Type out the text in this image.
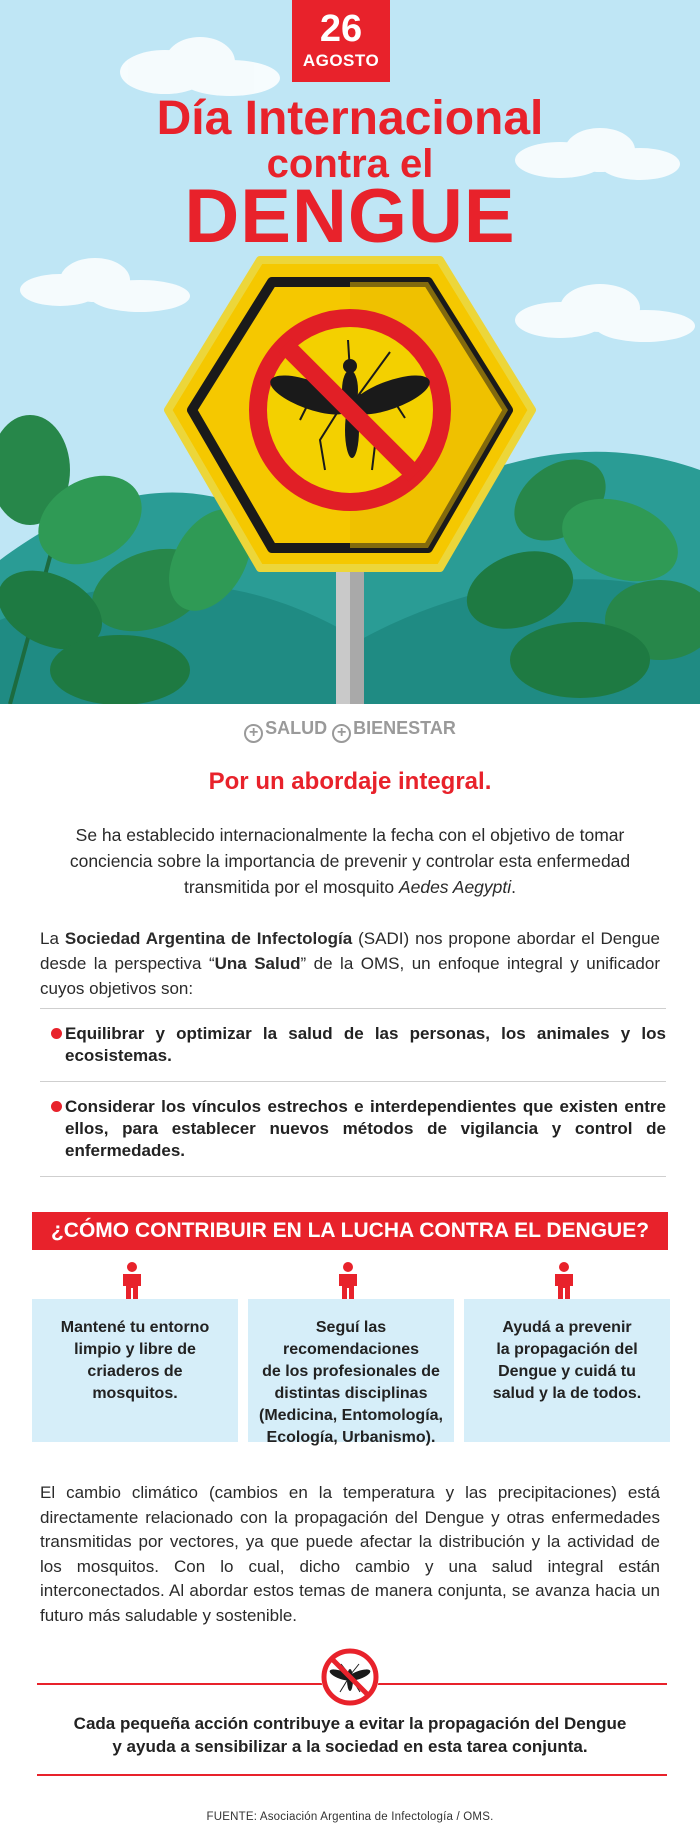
26
AGOSTO
Día Internacional
contra el
DENGUE
+ SALUD + BIENESTAR
Por un abordaje integral.

Se ha establecido internacionalmente la fecha con el objetivo de tomar conciencia sobre la importancia de prevenir y controlar esta enfermedad transmitida por el mosquito Aedes Aegypti.

La Sociedad Argentina de Infectología (SADI) nos propone abordar el Dengue desde la perspectiva “Una Salud” de la OMS, un enfoque integral y unificador cuyos objetivos son:

Equilibrar y optimizar la salud de las personas, los animales y los ecosistemas.
Considerar los vínculos estrechos e interdependientes que existen entre ellos, para establecer nuevos métodos de vigilancia y control de enfermedades.
¿CÓMO CONTRIBUIR EN LA LUCHA CONTRA EL DENGUE?
Mantené tu entorno
limpio y libre de
criaderos de
mosquitos.
Seguí las recomendaciones
de los profesionales de
distintas disciplinas
(Medicina, Entomología,
Ecología, Urbanismo).
Ayudá a prevenir
la propagación del
Dengue y cuidá tu
salud y la de todos.

El cambio climático (cambios en la temperatura y las precipitaciones) está directamente relacionado con la propagación del Dengue y otras enfermedades transmitidas por vectores, ya que puede afectar la distribución y la actividad de los mosquitos. Con lo cual, dicho cambio y una salud integral están interconectados. Al abordar estos temas de manera conjunta, se avanza hacia un futuro más saludable y sostenible.

Cada pequeña acción contribuye a evitar la propagación del Dengue
y ayuda a sensibilizar a la sociedad en esta tarea conjunta.
FUENTE: Asociación Argentina de Infectología / OMS.
